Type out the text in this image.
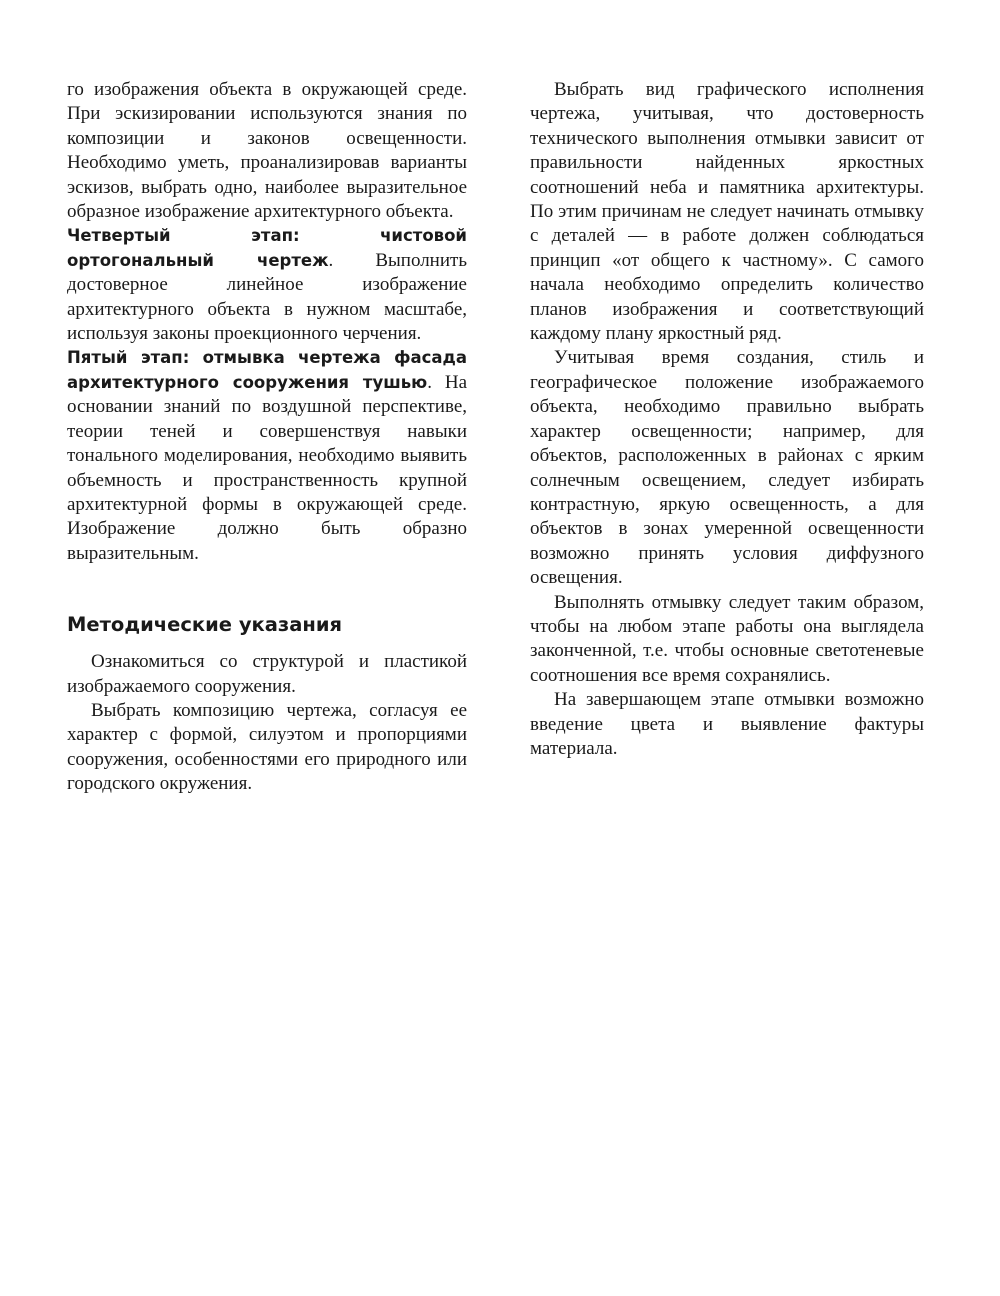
го изображения объекта в окружающей среде. При эскизировании используются знания по композиции и законов освещенности. Необходимо уметь, проанализировав варианты эскизов, выбрать одно, наиболее выразительное образное изображение архитектурного объекта.

Четвертый этап: чистовой ортогональный чертеж. Выполнить достоверное линейное изображение архитектурного объекта в нужном масштабе, используя законы проекционного черчения.

Пятый этап: отмывка чертежа фасада архитектурного сооружения тушью. На основании знаний по воздушной перспективе, теории теней и совершенствуя навыки тонального моделирования, необходимо выявить объемность и пространственность крупной архитектурной формы в окружающей среде. Изображение должно быть образно выразительным.

Методические указания

Ознакомиться со структурой и пластикой изображаемого сооружения.

Выбрать композицию чертежа, согласуя ее характер с формой, силуэтом и пропорциями сооружения, особенностями его природного или городского окружения.

Выбрать вид графического исполнения чертежа, учитывая, что достоверность технического выполнения отмывки зависит от правильности найденных яркостных соотношений неба и памятника архитектуры. По этим причинам не следует начинать отмывку с деталей — в работе должен соблюдаться принцип «от общего к частному». С самого начала необходимо определить количество планов изображения и соответствующий каждому плану яркостный ряд.

Учитывая время создания, стиль и географическое положение изображаемого объекта, необходимо правильно выбрать характер освещенности; например, для объектов, расположенных в районах с ярким солнечным освещением, следует избирать контрастную, яркую освещенность, а для объектов в зонах умеренной освещенности возможно принять условия диффузного освещения.

Выполнять отмывку следует таким образом, чтобы на любом этапе работы она выглядела законченной, т.е. чтобы основные светотеневые соотношения все время сохранялись.

На завершающем этапе отмывки возможно введение цвета и выявление фактуры материала.
